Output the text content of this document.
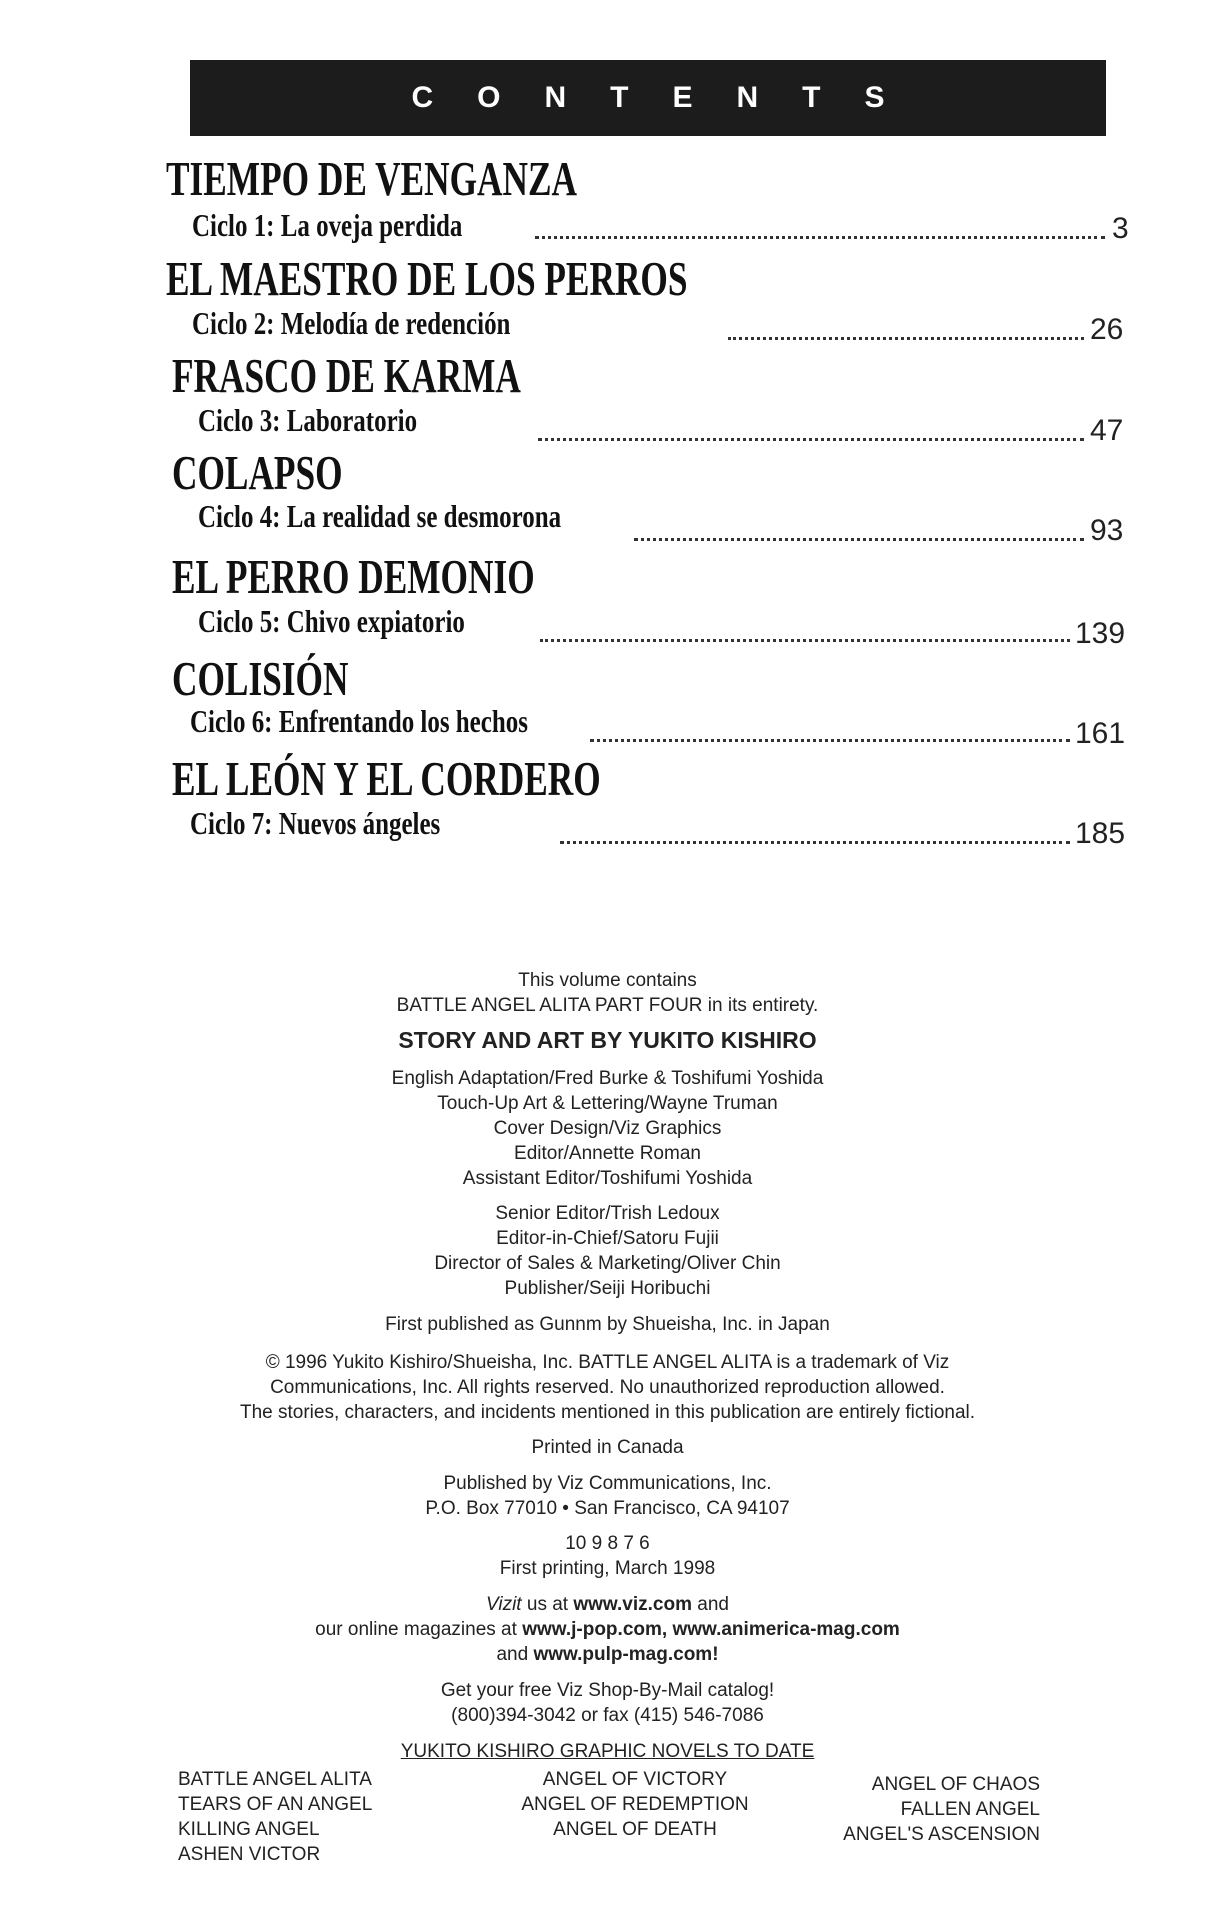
CONTENTS
TIEMPO DE VENGANZA
Ciclo 1: La oveja perdida	3
EL MAESTRO DE LOS PERROS
Ciclo 2: Melodía de redención	26
FRASCO DE KARMA
Ciclo 3: Laboratorio	47
COLAPSO
Ciclo 4: La realidad se desmorona	93
EL PERRO DEMONIO
Ciclo 5: Chivo expiatorio	139
COLISIÓN
Ciclo 6: Enfrentando los hechos	161
EL LEÓN Y EL CORDERO
Ciclo 7: Nuevos ángeles	185
This volume contains
BATTLE ANGEL ALITA PART FOUR in its entirety.
STORY AND ART BY YUKITO KISHIRO
English Adaptation/Fred Burke & Toshifumi Yoshida
Touch-Up Art & Lettering/Wayne Truman
Cover Design/Viz Graphics
Editor/Annette Roman
Assistant Editor/Toshifumi Yoshida
Senior Editor/Trish Ledoux
Editor-in-Chief/Satoru Fujii
Director of Sales & Marketing/Oliver Chin
Publisher/Seiji Horibuchi
First published as Gunnm by Shueisha, Inc. in Japan
© 1996 Yukito Kishiro/Shueisha, Inc. BATTLE ANGEL ALITA is a trademark of Viz
Communications, Inc. All rights reserved. No unauthorized reproduction allowed.
The stories, characters, and incidents mentioned in this publication are entirely fictional.
Printed in Canada
Published by Viz Communications, Inc.
P.O. Box 77010 • San Francisco, CA 94107
10 9 8 7 6
First printing, March 1998
Vizit us at www.viz.com and
our online magazines at www.j-pop.com, www.animerica-mag.com
and www.pulp-mag.com!
Get your free Viz Shop-By-Mail catalog!
(800)394-3042 or fax (415) 546-7086
YUKITO KISHIRO GRAPHIC NOVELS TO DATE
BATTLE ANGEL ALITA
TEARS OF AN ANGEL
KILLING ANGEL
ASHEN VICTOR
ANGEL OF VICTORY
ANGEL OF REDEMPTION
ANGEL OF DEATH
ANGEL OF CHAOS
FALLEN ANGEL
ANGEL'S ASCENSION
